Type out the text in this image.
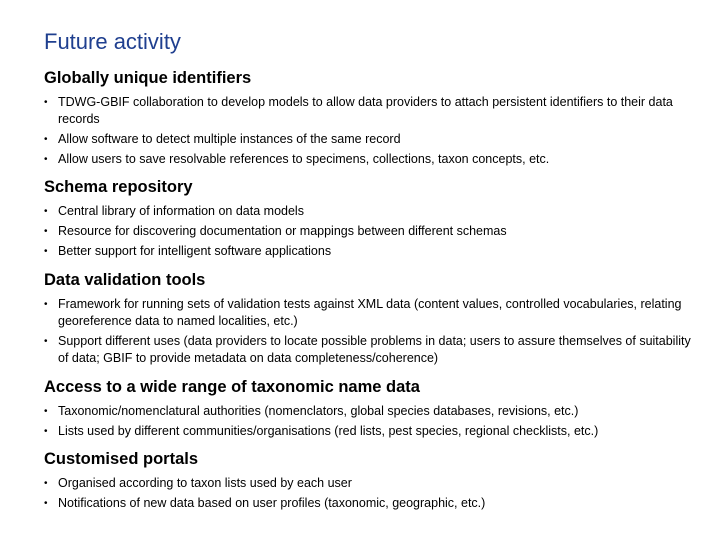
Future activity
Globally unique identifiers
• TDWG-GBIF collaboration to develop models to allow data providers to attach persistent identifiers to their data records
• Allow software to detect multiple instances of the same record
• Allow users to save resolvable references to specimens, collections, taxon concepts, etc.
Schema repository
• Central library of information on data models
• Resource for discovering documentation or mappings between different schemas
• Better support for intelligent software applications
Data validation tools
• Framework for running sets of validation tests against XML data (content values, controlled vocabularies, relating georeference data to named localities, etc.)
• Support different uses (data providers to locate possible problems in data; users to assure themselves of suitability of data; GBIF to provide metadata on data completeness/coherence)
Access to a wide range of taxonomic name data
• Taxonomic/nomenclatural authorities (nomenclators, global species databases, revisions, etc.)
• Lists used by different communities/organisations (red lists, pest species, regional checklists, etc.)
Customised portals
• Organised according to taxon lists used by each user
• Notifications of new data based on user profiles (taxonomic, geographic, etc.)
